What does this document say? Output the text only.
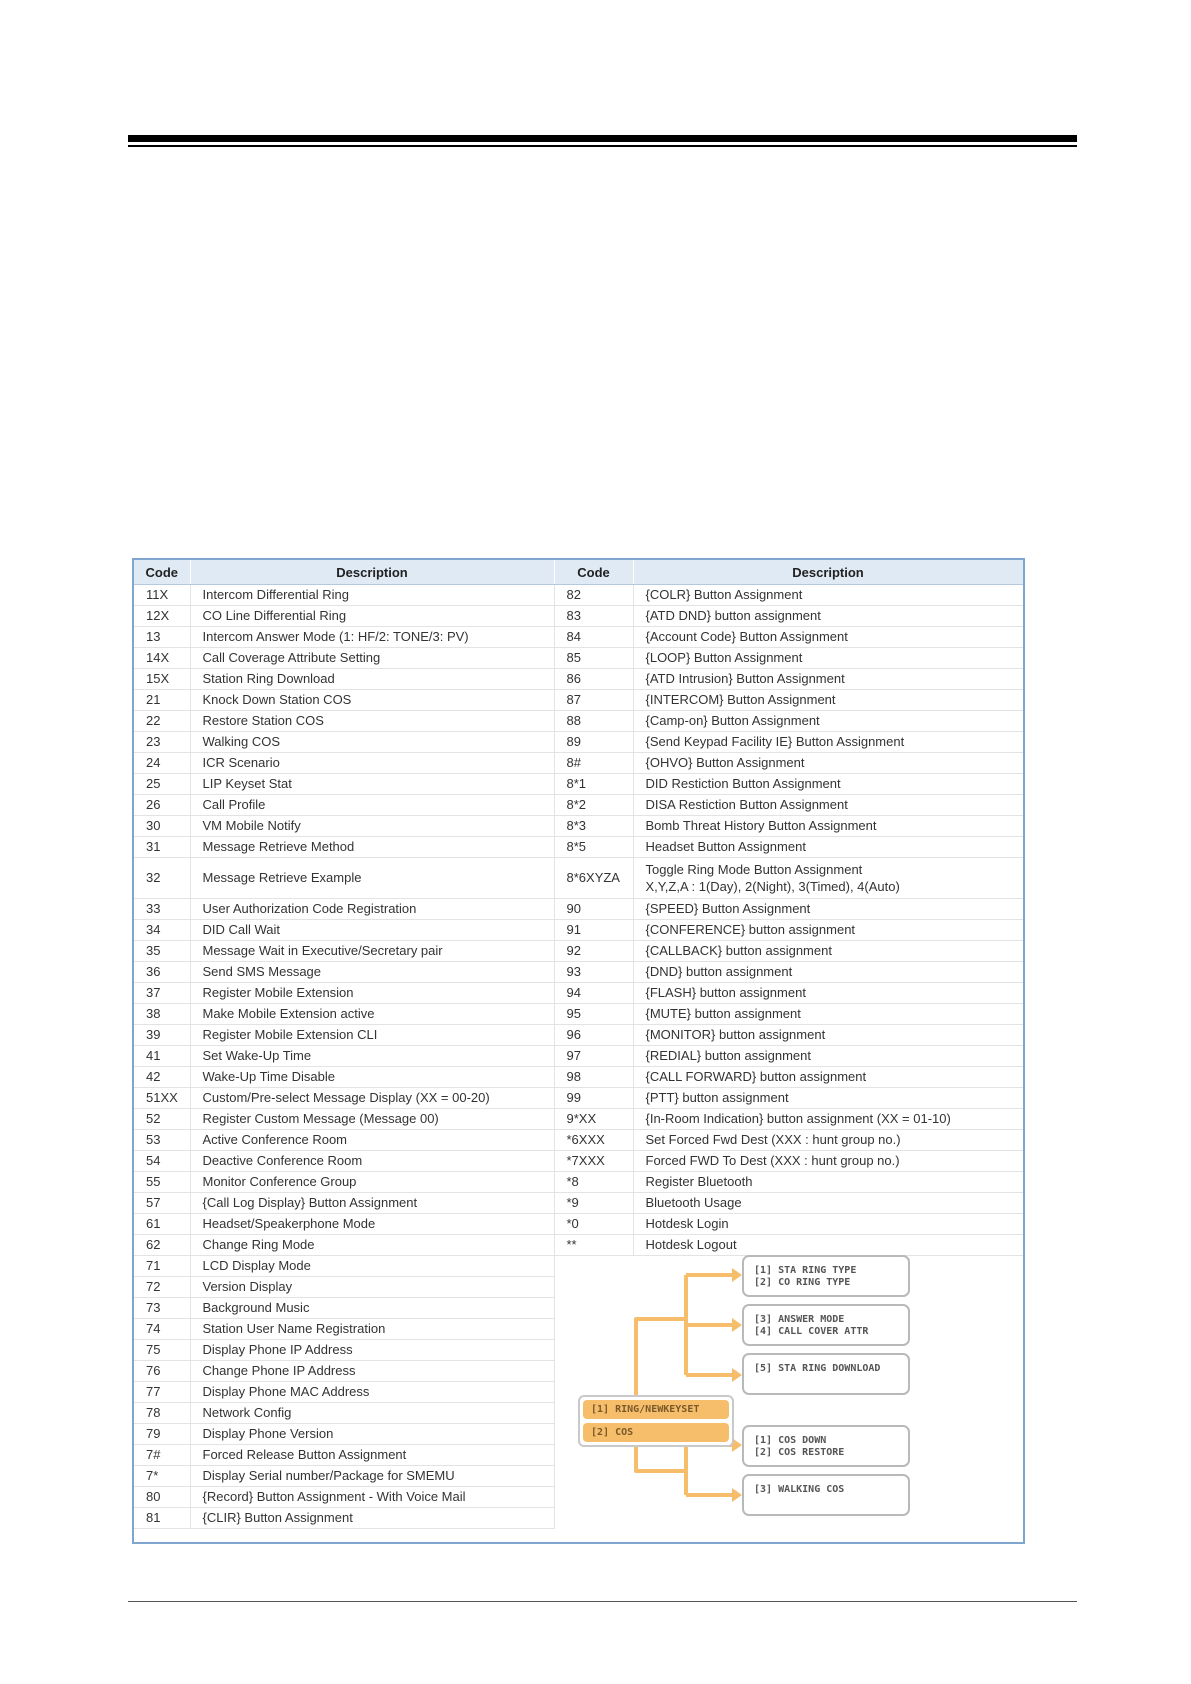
Code	Description	Code	Description
11X	Intercom Differential Ring	82	{COLR} Button Assignment
12X	CO Line Differential Ring	83	{ATD DND} button assignment
13	Intercom Answer Mode (1: HF/2: TONE/3: PV)	84	{Account Code} Button Assignment
14X	Call Coverage Attribute Setting	85	{LOOP} Button Assignment
15X	Station Ring Download	86	{ATD Intrusion} Button Assignment
21	Knock Down Station COS	87	{INTERCOM} Button Assignment
22	Restore Station COS	88	{Camp-on} Button Assignment
23	Walking COS	89	{Send Keypad Facility IE} Button Assignment
24	ICR Scenario	8#	{OHVO} Button Assignment
25	LIP Keyset Stat	8*1	DID Restiction Button Assignment
26	Call Profile	8*2	DISA Restiction Button Assignment
30	VM Mobile Notify	8*3	Bomb Threat History Button Assignment
31	Message Retrieve Method	8*5	Headset Button Assignment
32	Message Retrieve Example	8*6XYZA	Toggle Ring Mode Button Assignment
X,Y,Z,A : 1(Day), 2(Night), 3(Timed), 4(Auto)

33	User Authorization Code Registration	90	{SPEED} Button Assignment
34	DID Call Wait	91	{CONFERENCE} button assignment
35	Message Wait in Executive/Secretary pair	92	{CALLBACK} button assignment
36	Send SMS Message	93	{DND} button assignment
37	Register Mobile Extension	94	{FLASH} button assignment
38	Make Mobile Extension active	95	{MUTE} button assignment
39	Register Mobile Extension CLI	96	{MONITOR} button assignment
41	Set Wake-Up Time	97	{REDIAL} button assignment
42	Wake-Up Time Disable	98	{CALL FORWARD} button assignment
51XX	Custom/Pre-select Message Display (XX = 00-20)	99	{PTT} button assignment
52	Register Custom Message (Message 00)	9*XX	{In-Room Indication} button assignment (XX = 01-10)
53	Active Conference Room	*6XXX	Set Forced Fwd Dest (XXX : hunt group no.)
54	Deactive Conference Room	*7XXX	Forced FWD To Dest (XXX : hunt group no.)
55	Monitor Conference Group	*8	Register Bluetooth
57	{Call Log Display} Button Assignment	*9	Bluetooth Usage
61	Headset/Speakerphone Mode	*0	Hotdesk Login
62	Change Ring Mode	**	Hotdesk Logout
71	LCD Display Mode		
72	Version Display		
73	Background Music		
74	Station User Name Registration		
75	Display Phone IP Address		
76	Change Phone IP Address		
77	Display Phone MAC Address		
78	Network Config		
79	Display Phone Version		
7#	Forced Release Button Assignment		
7*	Display Serial number/Package for SMEMU		
80	{Record} Button Assignment - With Voice Mail		
81	{CLIR} Button Assignment		
[1] RING/NEWKEYSET
[2] COS
[1] STA RING TYPE
[2] CO RING TYPE
[3] ANSWER MODE
[4] CALL COVER ATTR
[5] STA RING DOWNLOAD
[1] COS DOWN
[2] COS RESTORE
[3] WALKING COS
